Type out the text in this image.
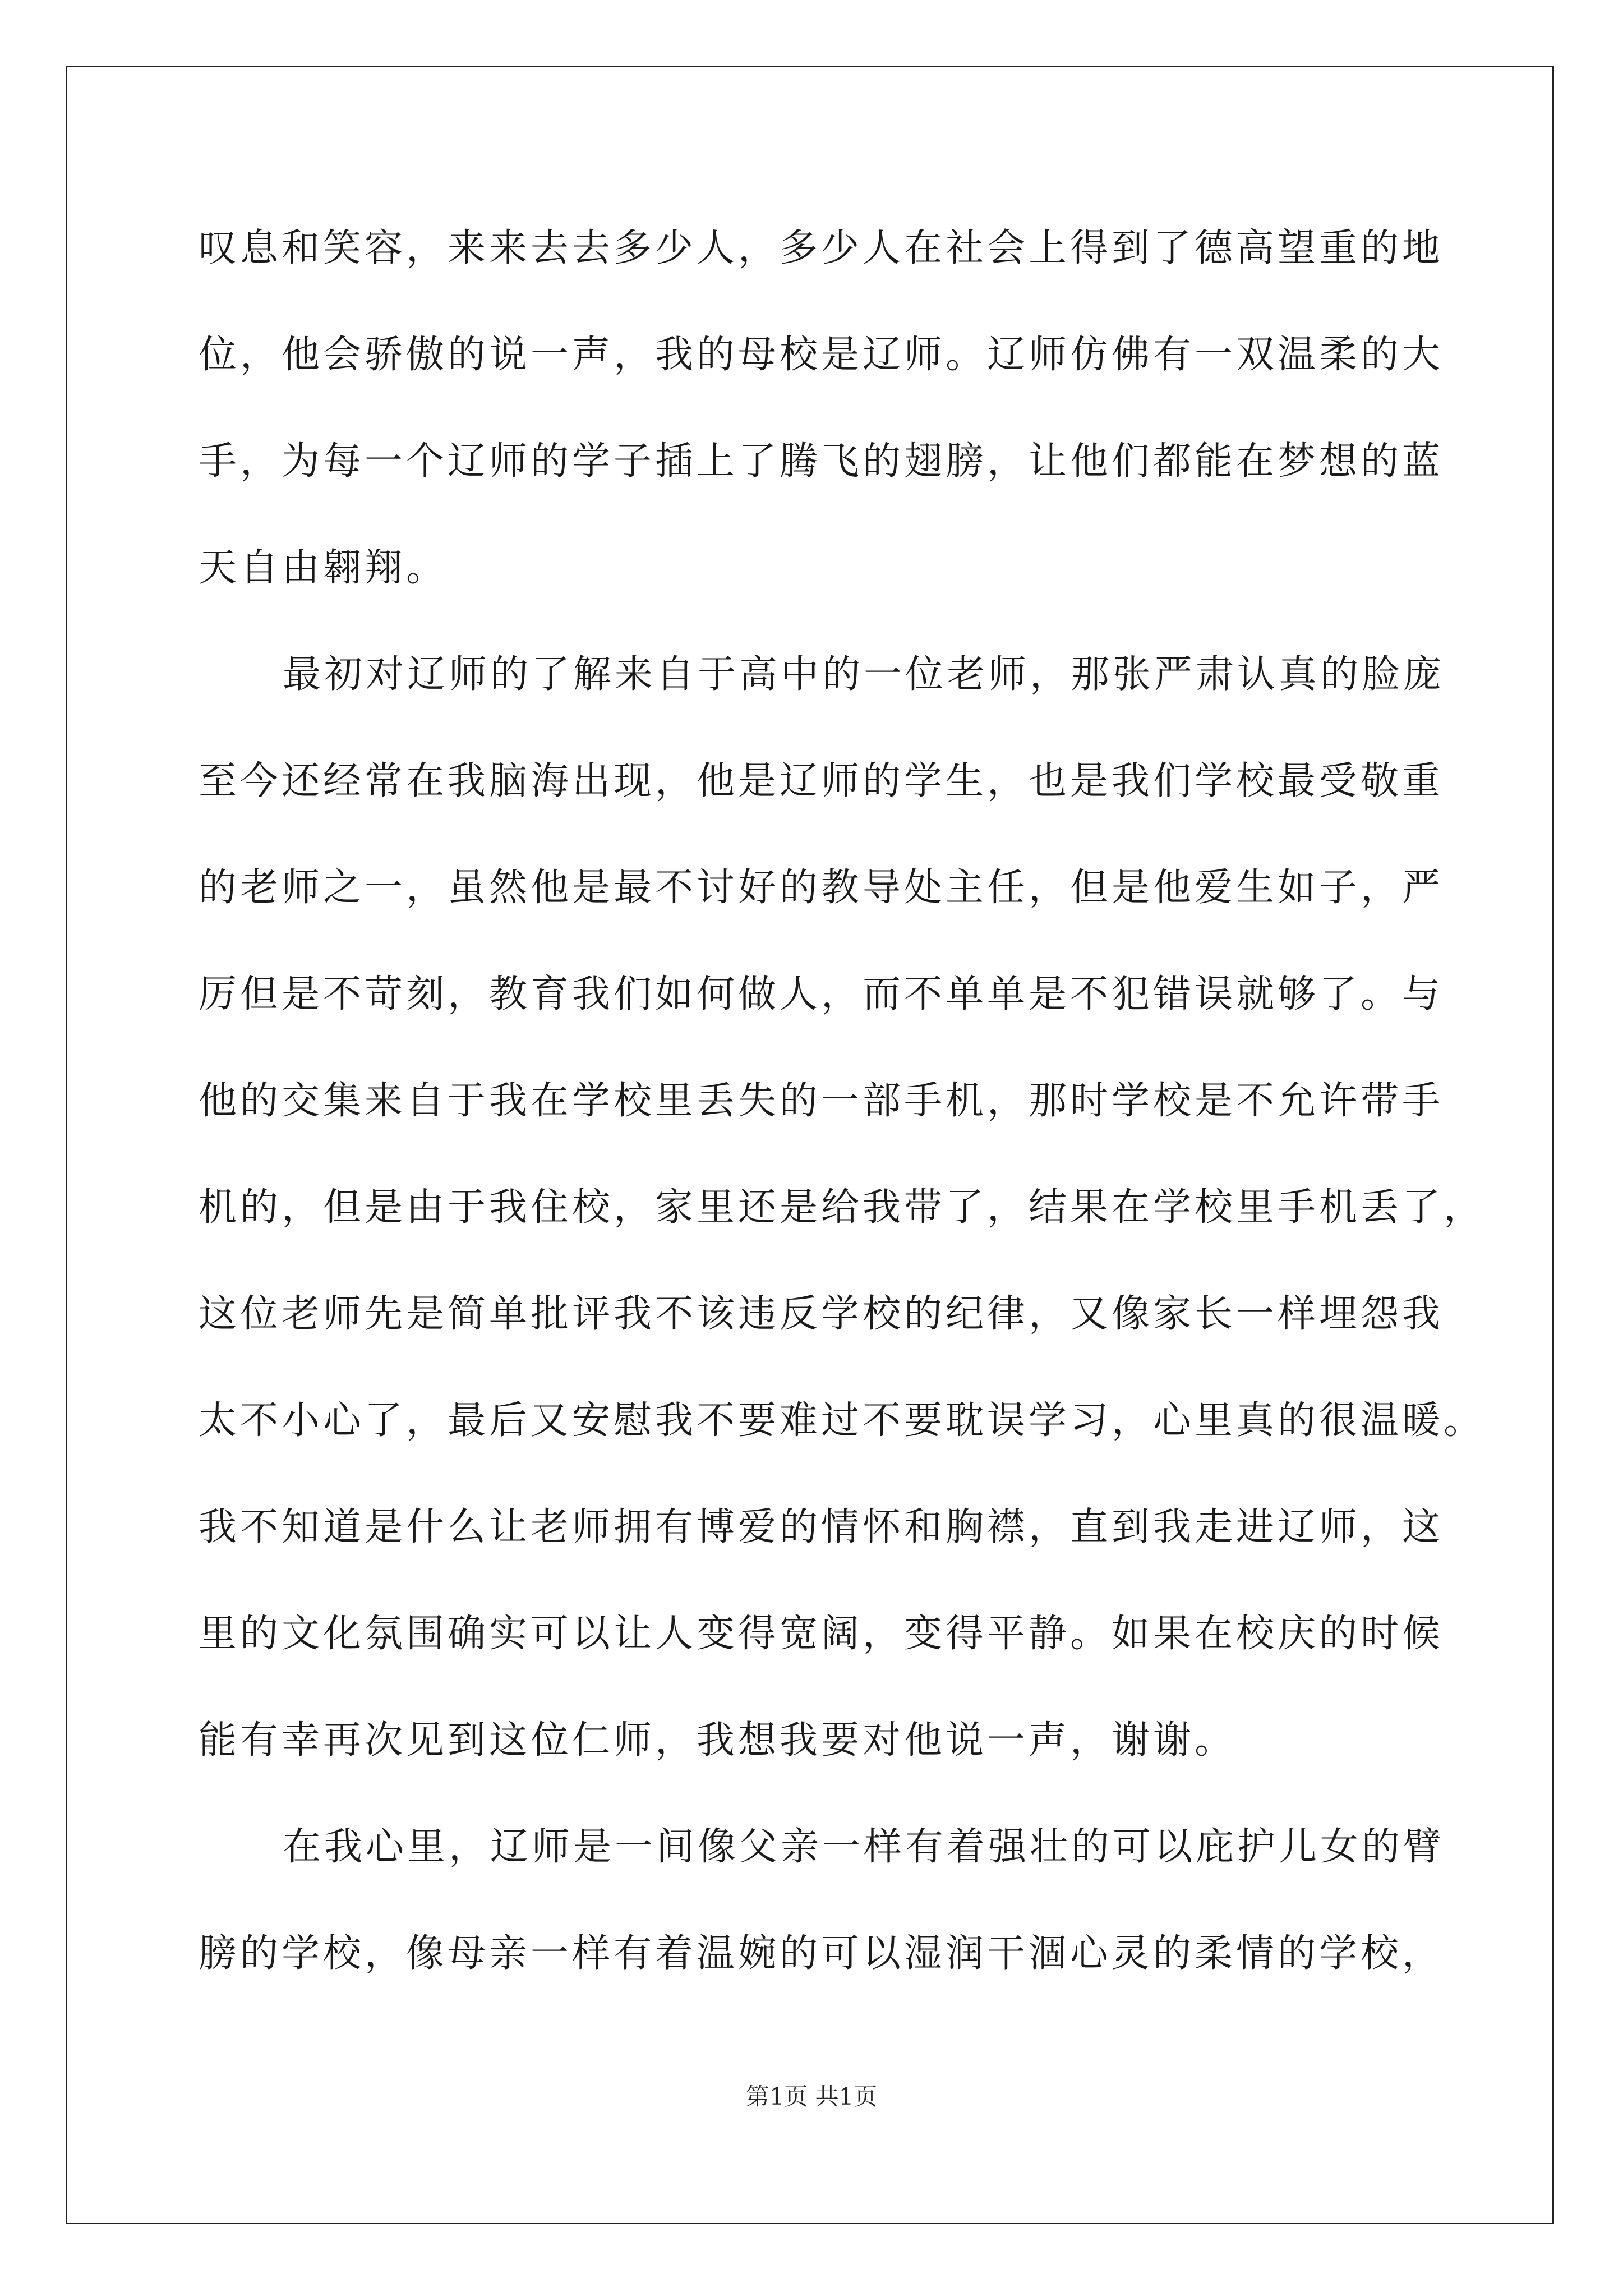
叹息和笑容，来来去去多少人，多少人在社会上得到了德高望重的地
位，他会骄傲的说一声，我的母校是辽师。辽师仿佛有一双温柔的大
手，为每一个辽师的学子插上了腾飞的翅膀，让他们都能在梦想的蓝
天自由翱翔。
最初对辽师的了解来自于高中的一位老师，那张严肃认真的脸庞
至今还经常在我脑海出现，他是辽师的学生，也是我们学校最受敬重
的老师之一，虽然他是最不讨好的教导处主任，但是他爱生如子，严
厉但是不苛刻，教育我们如何做人，而不单单是不犯错误就够了。与
他的交集来自于我在学校里丢失的一部手机，那时学校是不允许带手
机的，但是由于我住校，家里还是给我带了，结果在学校里手机丢了，
这位老师先是简单批评我不该违反学校的纪律，又像家长一样埋怨我
太不小心了，最后又安慰我不要难过不要耽误学习，心里真的很温暖。
我不知道是什么让老师拥有博爱的情怀和胸襟，直到我走进辽师，这
里的文化氛围确实可以让人变得宽阔，变得平静。如果在校庆的时候
能有幸再次见到这位仁师，我想我要对他说一声，谢谢。
在我心里，辽师是一间像父亲一样有着强壮的可以庇护儿女的臂
膀的学校，像母亲一样有着温婉的可以湿润干涸心灵的柔情的学校，
第1页 共1页
